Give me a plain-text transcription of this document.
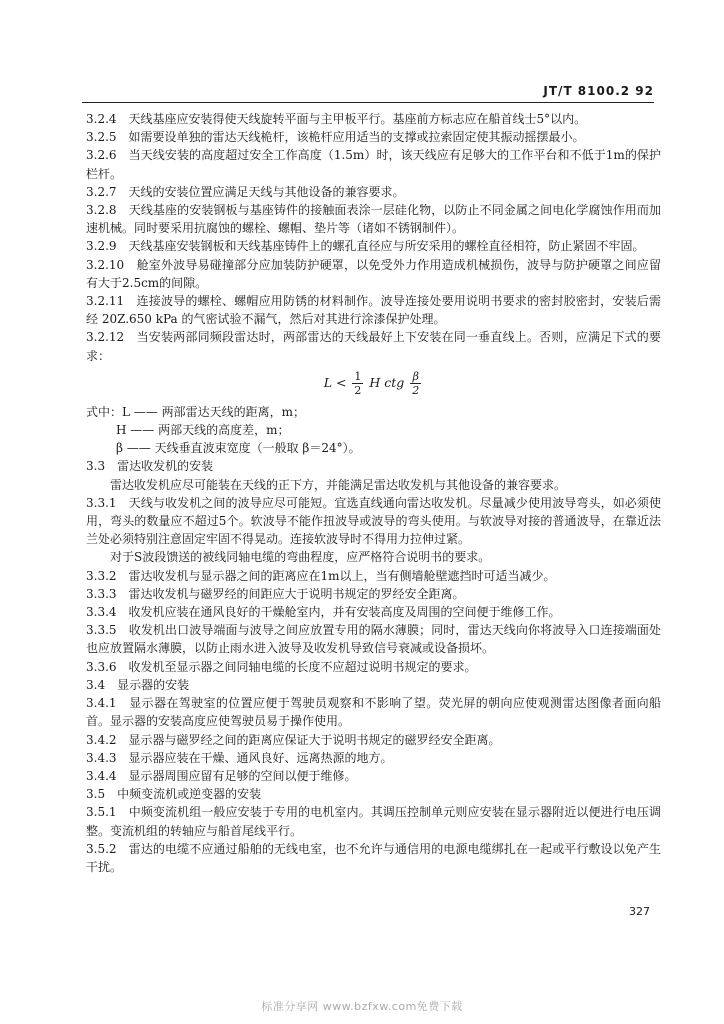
JT/T 8100.2 92

3.2.4　天线基座应安装得使天线旋转平面与主甲板平行。基座前方标志应在船首线士5°以内。

3.2.5　如需要设单独的雷达天线桅杆，该桅杆应用适当的支撑或拉索固定使其振动摇摆最小。

3.2.6　当天线安装的高度超过安全工作高度（1.5m）时，该天线应有足够大的工作平台和不低于1m的保护栏杆。

3.2.7　天线的安装位置应满足天线与其他设备的兼容要求。

3.2.8　天线基座的安装钢板与基座铸件的接触面表涂一层硅化物，以防止不同金属之间电化学腐蚀作用而加速机械。同时要采用抗腐蚀的螺栓、螺帽、垫片等（诸如不锈钢制件）。

3.2.9　天线基座安装钢板和天线基座铸件上的螺孔直径应与所安采用的螺栓直径相符，防止紧固不牢固。

3.2.10　舱室外波导易碰撞部分应加装防护硬罩，以免受外力作用造成机械损伤，波导与防护硬罩之间应留有大于2.5cm的间隙。

3.2.11　连接波导的螺栓、螺帽应用防锈的材料制作。波导连接处要用说明书要求的密封胶密封，安装后需经 20Z.650 kPa 的气密试验不漏气，然后对其进行涂漆保护处理。

3.2.12　当安装两部同频段雷达时，两部雷达的天线最好上下安装在同一垂直线上。否则，应满足下式的要求：

$L < \frac{1}{2}$ H ctg $\frac{\beta}{2}$

式中：L —— 两部雷达天线的距离，m；

H —— 两部天线的高度差，m；

β —— 天线垂直波束宽度（一般取 β＝24°）。

3.3　雷达收发机的安装

雷达收发机应尽可能装在天线的正下方，并能满足雷达收发机与其他设备的兼容要求。

3.3.1　天线与收发机之间的波导应尽可能短。宜选直线通向雷达收发机。尽量减少使用波导弯头，如必须使用，弯头的数量应不超过5个。软波导不能作扭波导或波导的弯头使用。与软波导对接的普通波导，在靠近法兰处必须特别注意固定牢固不得晃动。连接软波导时不得用力拉伸过紧。

对于S波段馈送的被线同轴电缆的弯曲程度，应严格符合说明书的要求。

3.3.2　雷达收发机与显示器之间的距离应在1m以上，当有侧墙舱壁遮挡时可适当减少。

3.3.3　雷达收发机与磁罗经的间距应大于说明书规定的罗经安全距离。

3.3.4　收发机应装在通风良好的干燥舱室内，并有安装高度及周围的空间便于维修工作。

3.3.5　收发机出口波导端面与波导之间应放置专用的隔水薄膜；同时，雷达天线向你将波导入口连接端面处也应放置隔水薄膜，以防止雨水进入波导及收发机导致信号衰减或设备损坏。

3.3.6　收发机至显示器之间同轴电缆的长度不应超过说明书规定的要求。

3.4　显示器的安装

3.4.1　显示器在驾驶室的位置应便于驾驶员观察和不影响了望。荧光屏的朝向应使观测雷达图像者面向船首。显示器的安装高度应使驾驶员易于操作使用。

3.4.2　显示器与磁罗经之间的距离应保证大于说明书规定的磁罗经安全距离。

3.4.3　显示器应装在干燥、通风良好、远离热源的地方。

3.4.4　显示器周围应留有足够的空间以便于维修。

3.5　中频变流机或逆变器的安装

3.5.1　中频变流机组一般应安装于专用的电机室内。其调压控制单元则应安装在显示器附近以便进行电压调整。变流机组的转轴应与船首尾线平行。

3.5.2　雷达的电缆不应通过船舶的无线电室，也不允许与通信用的电源电缆绑扎在一起或平行敷设以免产生干扰。

327
标准分享网 www.bzfxw.com免费下载
